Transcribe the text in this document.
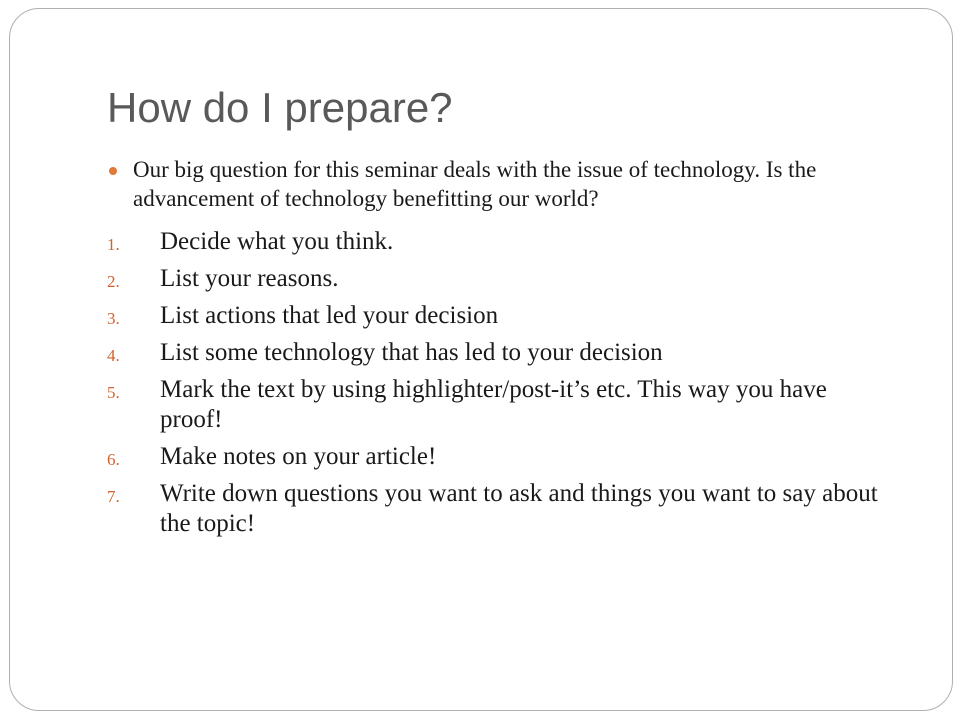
How do I prepare?
Our big question for this seminar deals with the issue of technology. Is the advancement of technology benefitting our world?
1. Decide what you think.
2. List your reasons.
3. List actions that led your decision
4. List some technology that has led to your decision
5. Mark the text by using highlighter/post-it’s etc. This way you have proof!
6. Make notes on your article!
7. Write down questions you want to ask and things you want to say about the topic!
